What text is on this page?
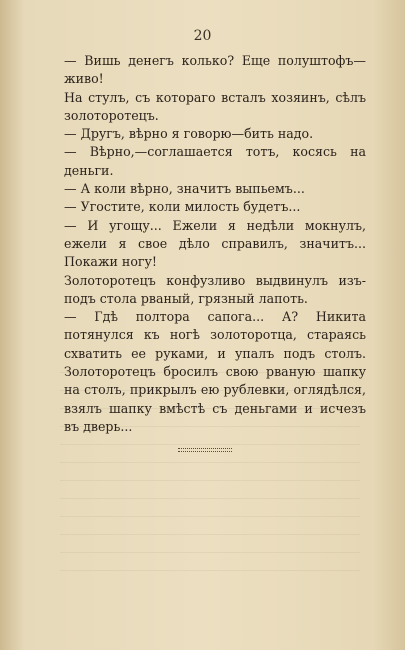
20

— Вишь денегъ колько? Еще полуштофъ—живо!

На стулъ, съ котораго всталъ хозяинъ, сѣлъ золоторотецъ.

— Другъ, вѣрно я говорю—бить надо.

— Вѣрно,—соглашается тотъ, косясь на деньги.

— А коли вѣрно, значитъ выпьемъ...

— Угостите, коли милость будетъ...

— И угощу... Ежели я недѣли мокнулъ, ежели я свое дѣло справилъ, значитъ... Покажи ногу!

Золоторотецъ конфузливо выдвинулъ изъ-подъ стола рваный, грязный лапоть.

— Гдѣ полтора сапога... А? Никита потянулся къ ногѣ золоторотца, стараясь схватить ее руками, и упалъ подъ столъ. Золоторотецъ бросилъ свою рваную шапку на столъ, прикрылъ ею рублевки, оглядѣлся, взялъ шапку вмѣстѣ съ деньгами и исчезъ въ дверь...
